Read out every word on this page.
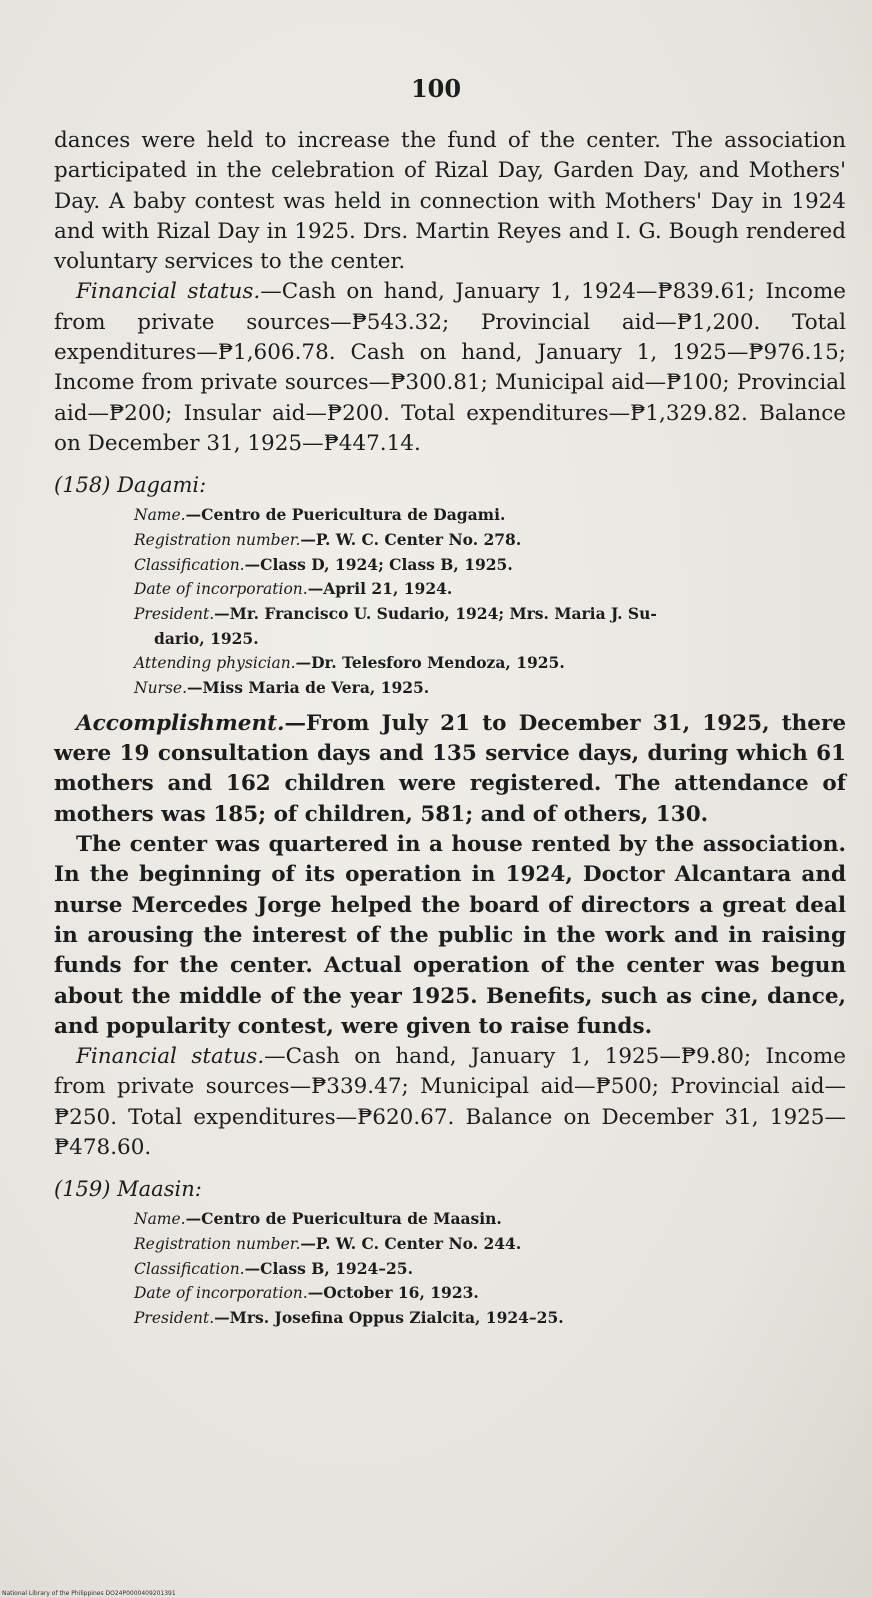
100

dances were held to increase the fund of the center. The association participated in the celebration of Rizal Day, Garden Day, and Mothers' Day. A baby contest was held in connection with Mothers' Day in 1924 and with Rizal Day in 1925. Drs. Martin Reyes and I. G. Bough rendered voluntary services to the center.

Financial status.—Cash on hand, January 1, 1924—₱839.61; Income from private sources—₱543.32; Provincial aid—₱1,200. Total expenditures—₱1,606.78. Cash on hand, January 1, 1925—₱976.15; Income from private sources—₱300.81; Municipal aid—₱100; Provincial aid—₱200; Insular aid—₱200. Total expenditures—₱1,329.82. Balance on December 31, 1925—₱447.14.

(158) Dagami:
Name.—Centro de Puericultura de Dagami.
Registration number.—P. W. C. Center No. 278.
Classification.—Class D, 1924; Class B, 1925.
Date of incorporation.—April 21, 1924.
President.—Mr. Francisco U. Sudario, 1924; Mrs. Maria J. Su-
dario, 1925.
Attending physician.—Dr. Telesforo Mendoza, 1925.
Nurse.—Miss Maria de Vera, 1925.

Accomplishment.—From July 21 to December 31, 1925, there were 19 consultation days and 135 service days, during which 61 mothers and 162 children were registered. The attendance of mothers was 185; of children, 581; and of others, 130.

The center was quartered in a house rented by the association. In the beginning of its operation in 1924, Doctor Alcantara and nurse Mercedes Jorge helped the board of directors a great deal in arousing the interest of the public in the work and in raising funds for the center. Actual operation of the center was begun about the middle of the year 1925. Benefits, such as cine, dance, and popularity contest, were given to raise funds.

Financial status.—Cash on hand, January 1, 1925—₱9.80; Income from private sources—₱339.47; Municipal aid—₱500; Provincial aid—₱250. Total expenditures—₱620.67. Balance on December 31, 1925—₱478.60.

(159) Maasin:
Name.—Centro de Puericultura de Maasin.
Registration number.—P. W. C. Center No. 244.
Classification.—Class B, 1924–25.
Date of incorporation.—October 16, 1923.
President.—Mrs. Josefina Oppus Zialcita, 1924–25.
National Library of the Philippines DO24P0000409201391
